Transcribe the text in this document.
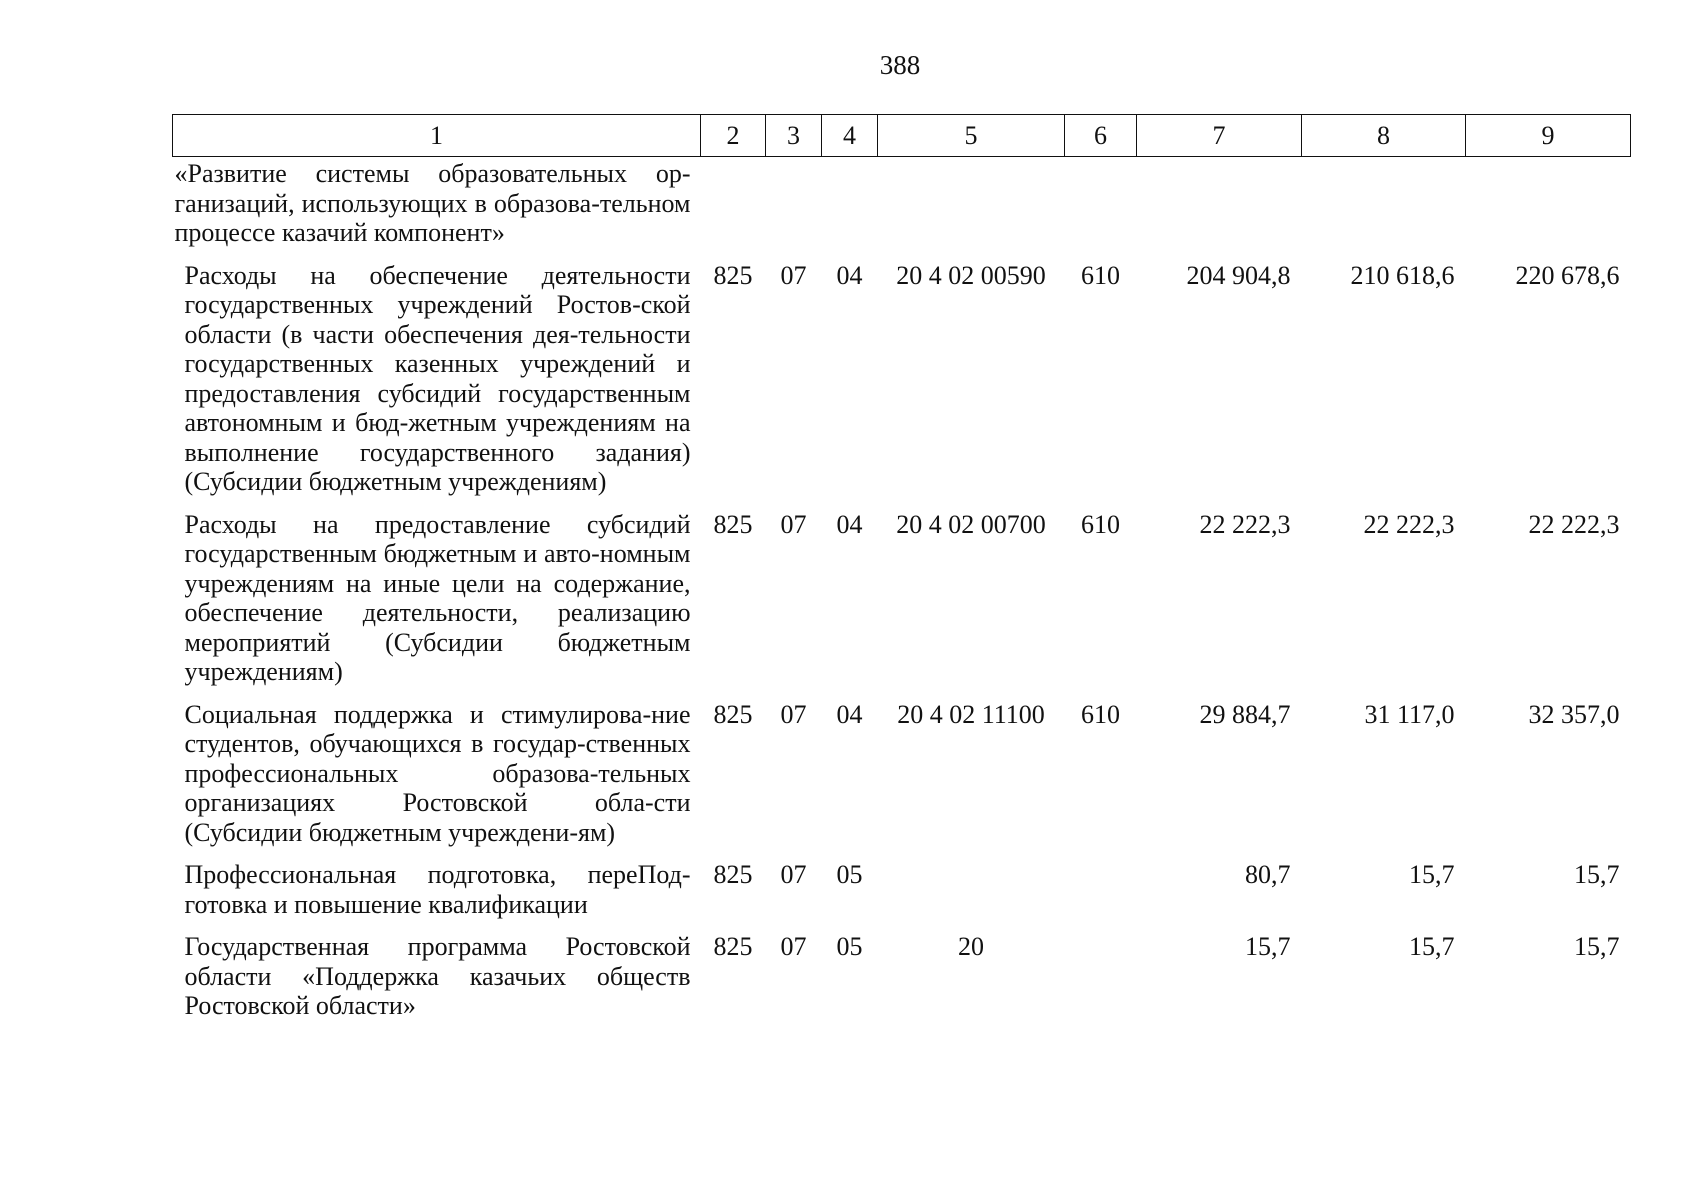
388
1	2	3	4	5	6	7	8	9
«Развитие системы образовательных ор-ганизаций, использующих в образова-тельном процессе казачий компонент»								
Расходы на обеспечение деятельности государственных учреждений Ростов-ской области (в части обеспечения дея-тельности государственных казенных учреждений и предоставления субсидий государственным автономным и бюд-жетным учреждениям на выполнение государственного задания) (Субсидии бюджетным учреждениям)	825	07	04	20 4 02 00590	610	204 904,8	210 618,6	220 678,6
Расходы на предоставление субсидий государственным бюджетным и авто-номным учреждениям на иные цели на содержание, обеспечение деятельности, реализацию мероприятий (Субсидии бюджетным учреждениям)	825	07	04	20 4 02 00700	610	22 222,3	22 222,3	22 222,3
Социальная поддержка и стимулирова-ние студентов, обучающихся в государ-ственных профессиональных образова-тельных организациях Ростовской обла-сти (Субсидии бюджетным учреждени-ям)	825	07	04	20 4 02 11100	610	29 884,7	31 117,0	32 357,0
Профессиональная подготовка, переПод-готовка и повышение квалификации	825	07	05			80,7	15,7	15,7
Государственная программа Ростовской области «Поддержка казачьих обществ Ростовской области»	825	07	05	20		15,7	15,7	15,7
